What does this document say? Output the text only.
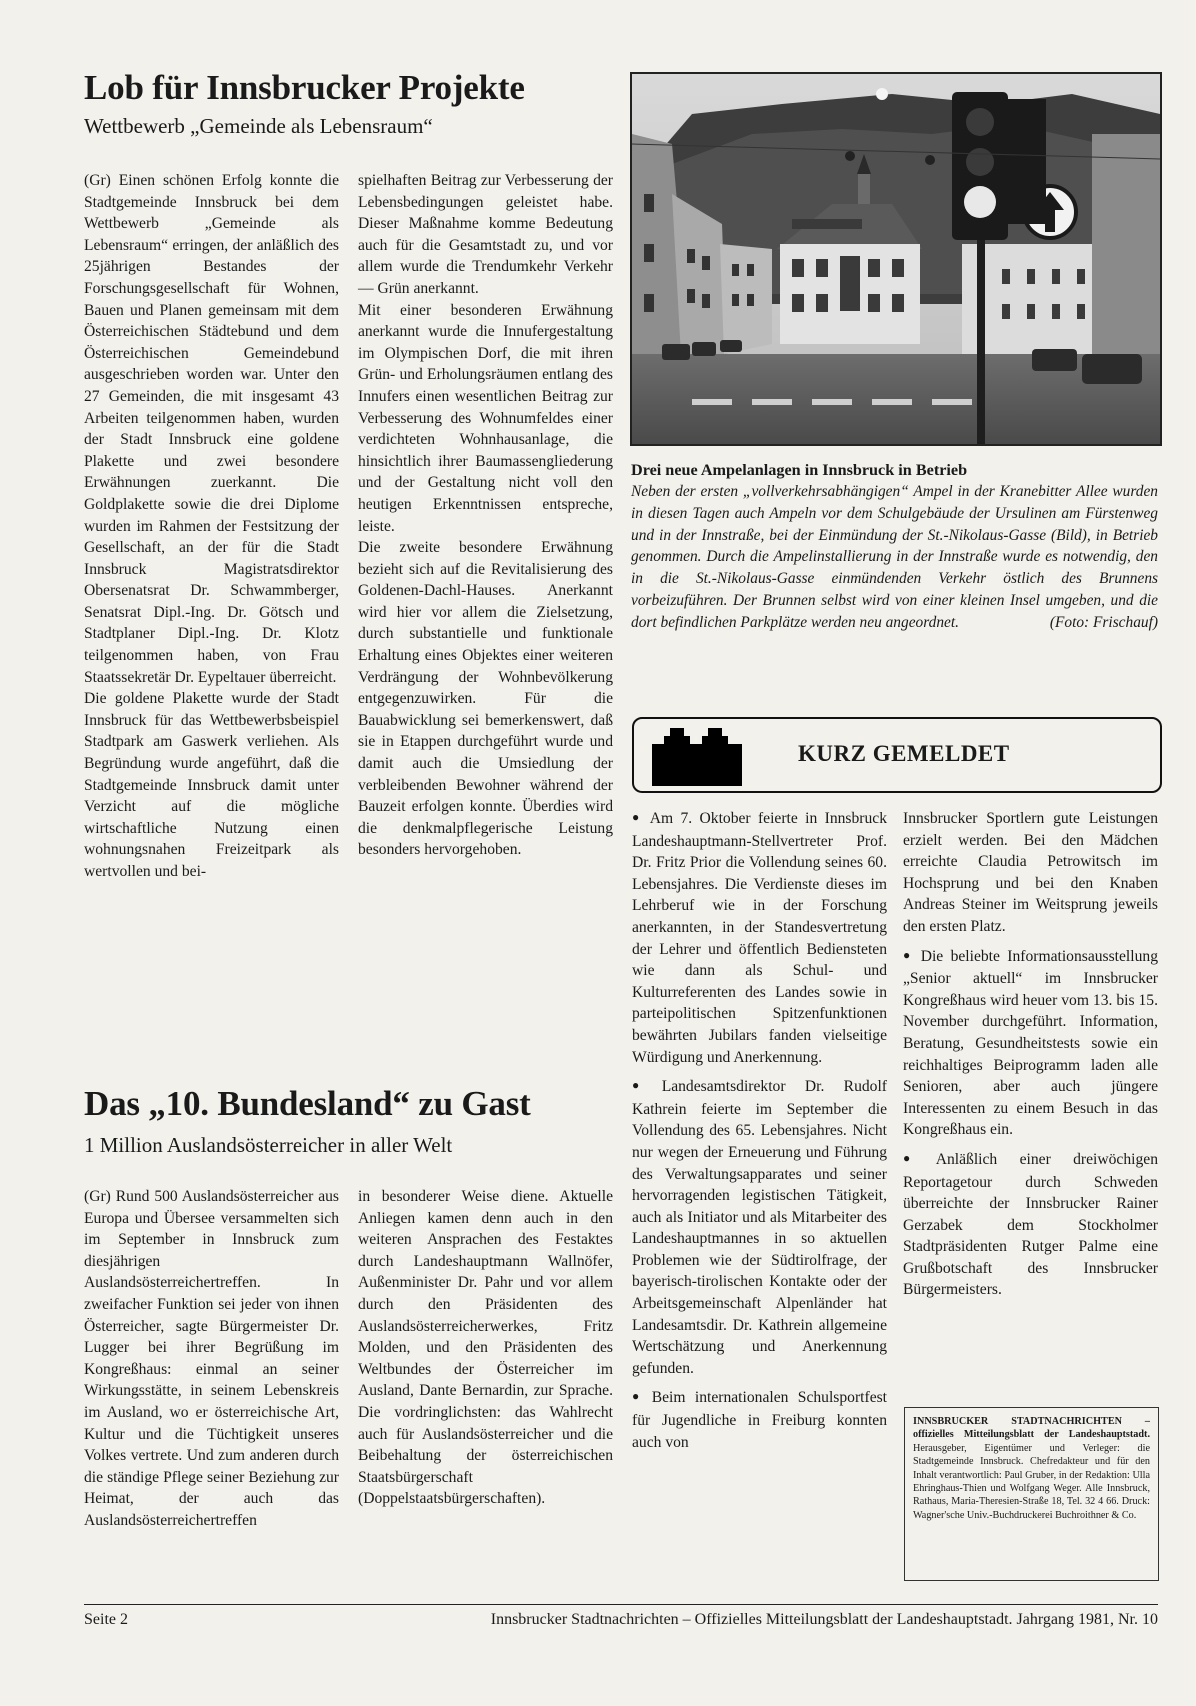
Lob für Innsbrucker Projekte
Wettbewerb „Gemeinde als Lebensraum“

(Gr) Einen schönen Erfolg konnte die Stadtgemeinde Innsbruck bei dem Wettbewerb „Gemeinde als Lebensraum“ erringen, der anläßlich des 25jährigen Bestandes der Forschungsgesellschaft für Wohnen, Bauen und Planen gemeinsam mit dem Österreichischen Städtebund und dem Österreichischen Gemeindebund ausgeschrieben worden war. Unter den 27 Gemeinden, die mit insgesamt 43 Arbeiten teilgenommen haben, wurden der Stadt Innsbruck eine goldene Plakette und zwei besondere Erwähnungen zuerkannt. Die Goldplakette sowie die drei Diplome wurden im Rahmen der Festsitzung der Gesellschaft, an der für die Stadt Innsbruck Magistratsdirektor Obersenatsrat Dr. Schwammberger, Senatsrat Dipl.-Ing. Dr. Götsch und Stadtplaner Dipl.-Ing. Dr. Klotz teilgenommen haben, von Frau Staatssekretär Dr. Eypeltauer überreicht.

Die goldene Plakette wurde der Stadt Innsbruck für das Wettbewerbsbeispiel Stadtpark am Gaswerk verliehen. Als Begründung wurde angeführt, daß die Stadtgemeinde Innsbruck damit unter Verzicht auf die mögliche wirtschaftliche Nutzung einen wohnungsnahen Freizeitpark als wertvollen und bei-

spielhaften Beitrag zur Verbesserung der Lebensbedingungen geleistet habe. Dieser Maßnahme komme Bedeutung auch für die Gesamtstadt zu, und vor allem wurde die Trendumkehr Verkehr — Grün anerkannt.

Mit einer besonderen Erwähnung anerkannt wurde die Innufergestaltung im Olympischen Dorf, die mit ihren Grün- und Erholungsräumen entlang des Innufers einen wesentlichen Beitrag zur Verbesserung des Wohnumfeldes einer verdichteten Wohnhausanlage, die hinsichtlich ihrer Baumassengliederung und der Gestaltung nicht voll den heutigen Erkenntnissen entspreche, leiste.

Die zweite besondere Erwähnung bezieht sich auf die Revitalisierung des Goldenen-Dachl-Hauses. Anerkannt wird hier vor allem die Zielsetzung, durch substantielle und funktionale Erhaltung eines Objektes einer weiteren Verdrängung der Wohnbevölkerung entgegenzuwirken. Für die Bauabwicklung sei bemerkenswert, daß sie in Etappen durchgeführt wurde und damit auch die Umsiedlung der verbleibenden Bewohner während der Bauzeit erfolgen konnte. Überdies wird die denkmalpflegerische Leistung besonders hervorgehoben.

Drei neue Ampelanlagen in Innsbruck in Betrieb
Neben der ersten „vollverkehrsabhängigen“ Ampel in der Kranebitter Allee wurden in diesen Tagen auch Ampeln vor dem Schulgebäude der Ursulinen am Fürstenweg und in der Innstraße, bei der Einmündung der St.-Nikolaus-Gasse (Bild), in Betrieb genommen. Durch die Ampelinstallierung in der Innstraße wurde es notwendig, den in die St.-Nikolaus-Gasse einmündenden Verkehr östlich des Brunnens vorbeizuführen. Der Brunnen selbst wird von einer kleinen Insel umgeben, und die dort befindlichen Parkplätze werden neu angeordnet.	(Foto: Frischauf)
KURZ GEMELDET

● Am 7. Oktober feierte in Innsbruck Landeshauptmann-Stellvertreter Prof. Dr. Fritz Prior die Vollendung seines 60. Lebensjahres. Die Verdienste dieses im Lehrberuf wie in der Forschung anerkannten, in der Standesvertretung der Lehrer und öffentlich Bediensteten wie dann als Schul- und Kulturreferenten des Landes sowie in parteipolitischen Spitzenfunktionen bewährten Jubilars fanden vielseitige Würdigung und Anerkennung.

● Landesamtsdirektor Dr. Rudolf Kathrein feierte im September die Vollendung des 65. Lebensjahres. Nicht nur wegen der Erneuerung und Führung des Verwaltungsapparates und seiner hervorragenden legistischen Tätigkeit, auch als Initiator und als Mitarbeiter des Landeshauptmannes in so aktuellen Problemen wie der Südtirolfrage, der bayerisch-tirolischen Kontakte oder der Arbeitsgemeinschaft Alpenländer hat Landesamtsdir. Dr. Kathrein allgemeine Wertschätzung und Anerkennung gefunden.

● Beim internationalen Schulsportfest für Jugendliche in Freiburg konnten auch von

Innsbrucker Sportlern gute Leistungen erzielt werden. Bei den Mädchen erreichte Claudia Petrowitsch im Hochsprung und bei den Knaben Andreas Steiner im Weitsprung jeweils den ersten Platz.

● Die beliebte Informationsausstellung „Senior aktuell“ im Innsbrucker Kongreßhaus wird heuer vom 13. bis 15. November durchgeführt. Information, Beratung, Gesundheitstests sowie ein reichhaltiges Beiprogramm laden alle Senioren, aber auch jüngere Interessenten zu einem Besuch in das Kongreßhaus ein.

● Anläßlich einer dreiwöchigen Reportagetour durch Schweden überreichte der Innsbrucker Rainer Gerzabek dem Stockholmer Stadtpräsidenten Rutger Palme eine Grußbotschaft des Innsbrucker Bürgermeisters.

INNSBRUCKER STADTNACHRICHTEN – offizielles Mitteilungsblatt der Landeshauptstadt. Herausgeber, Eigentümer und Verleger: die Stadtgemeinde Innsbruck. Chefredakteur und für den Inhalt verantwortlich: Paul Gruber, in der Redaktion: Ulla Ehringhaus-Thien und Wolfgang Weger. Alle Innsbruck, Rathaus, Maria-Theresien-Straße 18, Tel. 32 4 66. Druck: Wagner'sche Univ.-Buchdruckerei Buchroithner & Co.
Das „10. Bundesland“ zu Gast
1 Million Auslandsösterreicher in aller Welt

(Gr) Rund 500 Auslandsösterreicher aus Europa und Übersee versammelten sich im September in Innsbruck zum diesjährigen Auslandsösterreichertreffen. In zweifacher Funktion sei jeder von ihnen Österreicher, sagte Bürgermeister Dr. Lugger bei ihrer Begrüßung im Kongreßhaus: einmal an seiner Wirkungsstätte, in seinem Lebenskreis im Ausland, wo er österreichische Art, Kultur und die Tüchtigkeit unseres Volkes vertrete. Und zum anderen durch die ständige Pflege seiner Beziehung zur Heimat, der auch das Auslandsösterreichertreffen

in besonderer Weise diene. Aktuelle Anliegen kamen denn auch in den weiteren Ansprachen des Festaktes durch Landeshauptmann Wallnöfer, Außenminister Dr. Pahr und vor allem durch den Präsidenten des Auslandsösterreicherwerkes, Fritz Molden, und den Präsidenten des Weltbundes der Österreicher im Ausland, Dante Bernardin, zur Sprache. Die vordringlichsten: das Wahlrecht auch für Auslandsösterreicher und die Beibehaltung der österreichischen Staatsbürgerschaft (Doppelstaatsbürgerschaften).

Seite 2	Innsbrucker Stadtnachrichten – Offizielles Mitteilungsblatt der Landeshauptstadt. Jahrgang 1981, Nr. 10
